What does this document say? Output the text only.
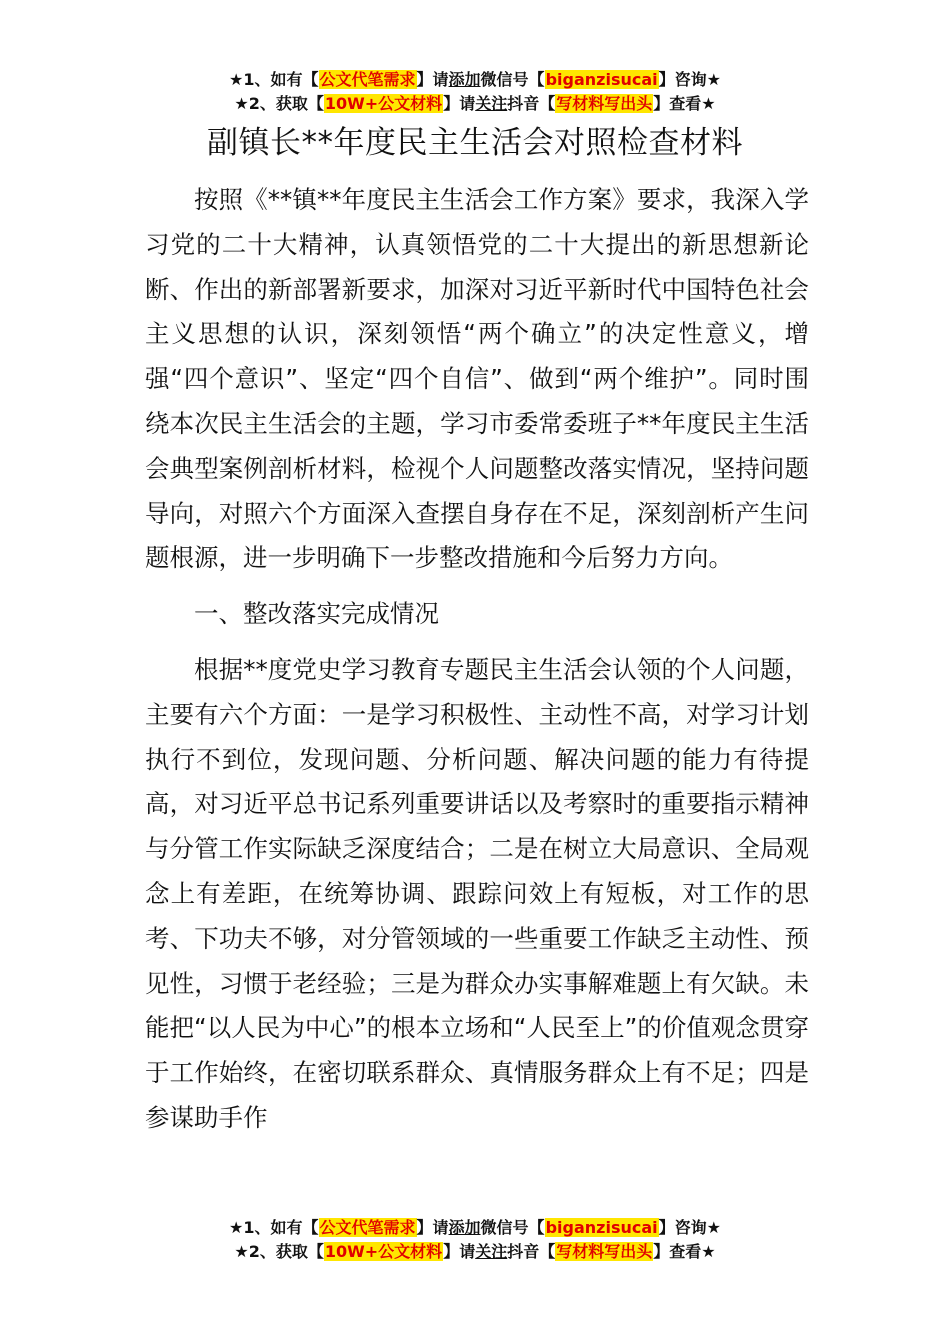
★1、如有【公文代笔需求】请添加微信号【biganzisucai】咨询★
★2、获取【10W+公文材料】请关注抖音【写材料写出头】查看★
副镇长**年度民主生活会对照检查材料

按照《**镇**年度民主生活会工作方案》要求，我深入学习党的二十大精神，认真领悟党的二十大提出的新思想新论断、作出的新部署新要求，加深对习近平新时代中国特色社会主义思想的认识，深刻领悟“两个确立”的决定性意义，增强“四个意识”、坚定“四个自信”、做到“两个维护”。同时围绕本次民主生活会的主题，学习市委常委班子**年度民主生活会典型案例剖析材料，检视个人问题整改落实情况，坚持问题导向，对照六个方面深入查摆自身存在不足，深刻剖析产生问题根源，进一步明确下一步整改措施和今后努力方向。

一、整改落实完成情况

根据**度党史学习教育专题民主生活会认领的个人问题，主要有六个方面：一是学习积极性、主动性不高，对学习计划执行不到位，发现问题、分析问题、解决问题的能力有待提高，对习近平总书记系列重要讲话以及考察时的重要指示精神与分管工作实际缺乏深度结合；二是在树立大局意识、全局观念上有差距，在统筹协调、跟踪问效上有短板，对工作的思考、下功夫不够，对分管领域的一些重要工作缺乏主动性、预见性，习惯于老经验；三是为群众办实事解难题上有欠缺。未能把“以人民为中心”的根本立场和“人民至上”的价值观念贯穿于工作始终，在密切联系群众、真情服务群众上有不足；四是参谋助手作

★1、如有【公文代笔需求】请添加微信号【biganzisucai】咨询★
★2、获取【10W+公文材料】请关注抖音【写材料写出头】查看★
